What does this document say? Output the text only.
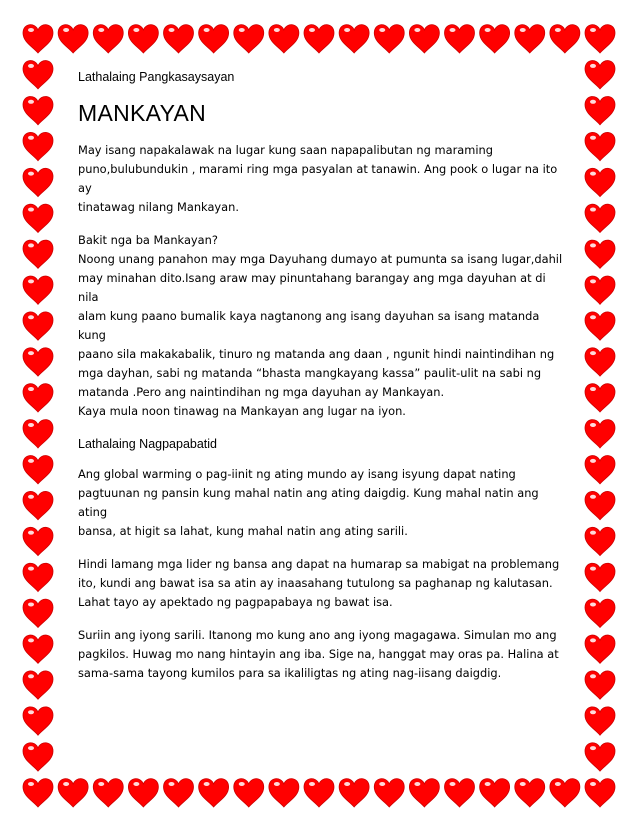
Lathalaing Pangkasaysayan

MANKAYAN

May isang napakalawak na lugar kung saan napapalibutan ng maraming

puno,bulubundukin , marami ring mga pasyalan at tanawin. Ang pook o lugar na ito ay

tinatawag nilang Mankayan.

Bakit nga ba Mankayan?

Noong unang panahon may mga Dayuhang dumayo at pumunta sa isang lugar,dahil

may minahan dito.Isang araw may pinuntahang barangay ang mga dayuhan at di nila

alam kung paano bumalik kaya nagtanong ang isang dayuhan sa isang matanda kung

paano sila makakabalik, tinuro ng matanda ang daan , ngunit hindi naintindihan ng

mga dayhan, sabi ng matanda “bhasta mangkayang kassa” paulit-ulit na sabi ng

matanda .Pero ang naintindihan ng mga dayuhan ay Mankayan.

Kaya mula noon tinawag na Mankayan ang lugar na iyon.

Lathalaing Nagpapabatid

Ang global warming o pag-iinit ng ating mundo ay isang isyung dapat nating

pagtuunan ng pansin kung mahal natin ang ating daigdig. Kung mahal natin ang ating

bansa, at higit sa lahat, kung mahal natin ang ating sarili.

Hindi lamang mga lider ng bansa ang dapat na humarap sa mabigat na problemang

ito, kundi ang bawat isa sa atin ay inaasahang tutulong sa paghanap ng kalutasan.

Lahat tayo ay apektado ng pagpapabaya ng bawat isa.

Suriin ang iyong sarili. Itanong mo kung ano ang iyong magagawa. Simulan mo ang

pagkilos. Huwag mo nang hintayin ang iba. Sige na, hanggat may oras pa. Halina at

sama-sama tayong kumilos para sa ikaliligtas ng ating nag-iisang daigdig.
